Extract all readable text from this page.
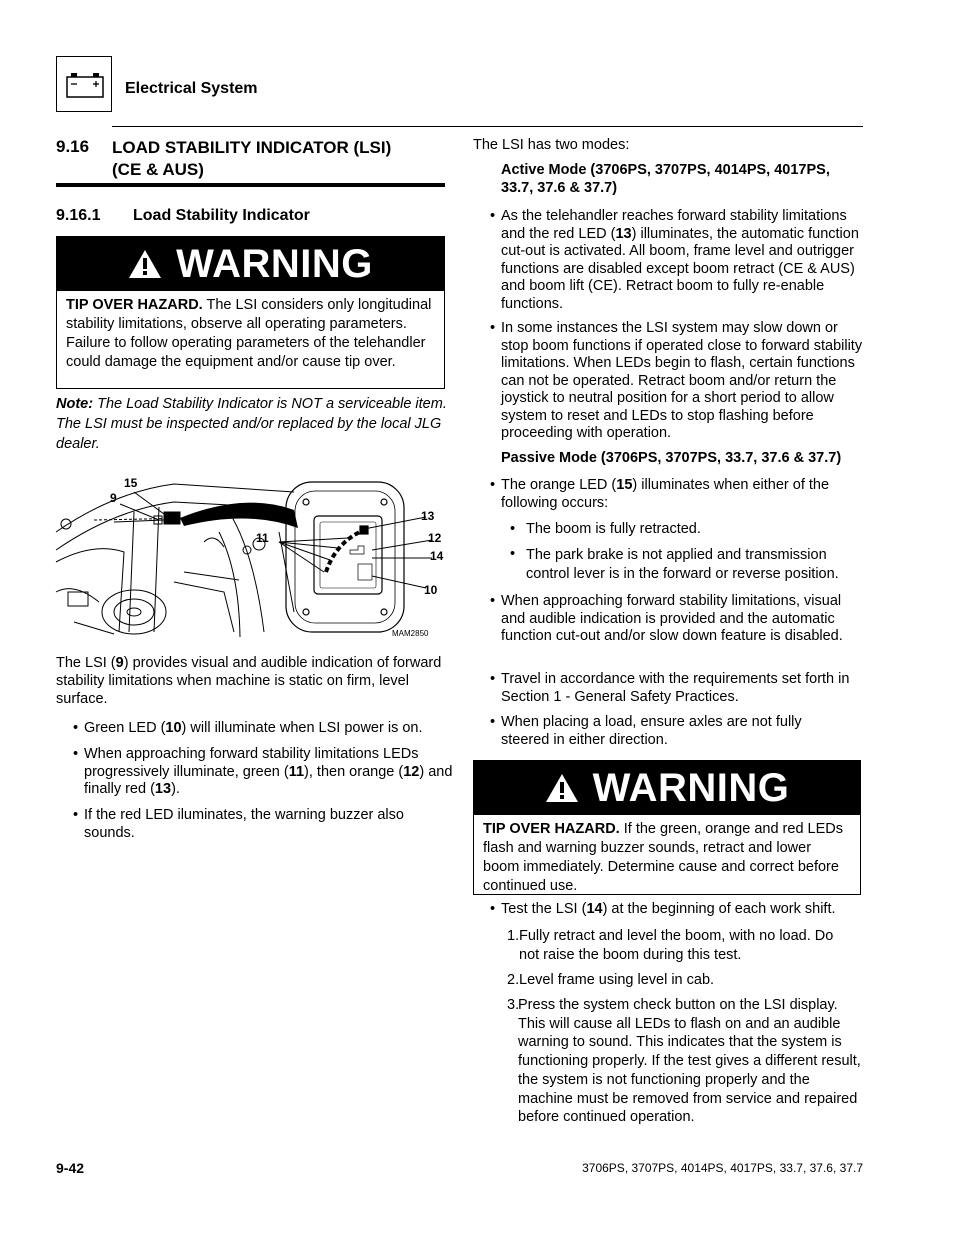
Electrical System
9.16 LOAD STABILITY INDICATOR (LSI)
(CE & AUS)
9.16.1 Load Stability Indicator
WARNING
TIP OVER HAZARD. The LSI considers only longitudinal stability limitations, observe all operating parameters. Failure to follow operating parameters of the telehandler could damage the equipment and/or cause tip over.
Note: The Load Stability Indicator is NOT a serviceable item. The LSI must be inspected and/or replaced by the local JLG dealer.
15
9
13
12
14
11
10
MAM2850
The LSI (9) provides visual and audible indication of forward stability limitations when machine is static on firm, level surface.
• Green LED (10) will illuminate when LSI power is on.
• When approaching forward stability limitations LEDs progressively illuminate, green (11), then orange (12) and finally red (13).
• If the red LED iluminates, the warning buzzer also sounds.
The LSI has two modes:
Active Mode (3706PS, 3707PS, 4014PS, 4017PS, 33.7, 37.6 & 37.7)
• As the telehandler reaches forward stability limitations and the red LED (13) illuminates, the automatic function cut-out is activated. All boom, frame level and outrigger functions are disabled except boom retract (CE & AUS) and boom lift (CE). Retract boom to fully re-enable functions.
• In some instances the LSI system may slow down or stop boom functions if operated close to forward stability limitations. When LEDs begin to flash, certain functions can not be operated. Retract boom and/or return the joystick to neutral position for a short period to allow system to reset and LEDs to stop flashing before proceeding with operation.
Passive Mode (3706PS, 3707PS, 33.7, 37.6 & 37.7)
• The orange LED (15) illuminates when either of the following occurs:
• The boom is fully retracted.
• The park brake is not applied and transmission control lever is in the forward or reverse position.
• When approaching forward stability limitations, visual and audible indication is provided and the automatic function cut-out and/or slow down feature is disabled.
• Travel in accordance with the requirements set forth in Section 1 - General Safety Practices.
• When placing a load, ensure axles are not fully steered in either direction.
WARNING
TIP OVER HAZARD. If the green, orange and red LEDs flash and warning buzzer sounds, retract and lower boom immediately. Determine cause and correct before continued use.
• Test the LSI (14) at the beginning of each work shift.
1. Fully retract and level the boom, with no load. Do not raise the boom during this test.
2. Level frame using level in cab.
3.
Press the system check button on the LSI display. This will cause all LEDs to flash on and an audible warning to sound. This indicates that the system is functioning properly. If the test gives a different result, the system is not functioning properly and the machine must be removed from service and repaired before continued operation.
9-42	3706PS, 3707PS, 4014PS, 4017PS, 33.7, 37.6, 37.7
